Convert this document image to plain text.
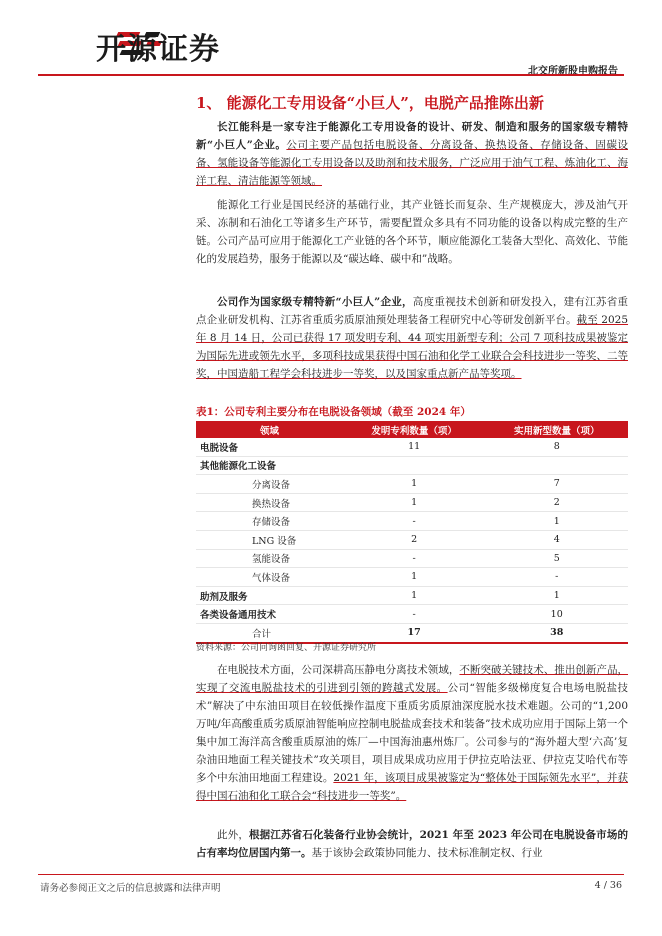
开源证券
北交所新股申购报告
1、 能源化工专用设备“小巨人”，电脱产品推陈出新

长江能科是一家专注于能源化工专用设备的设计、研发、制造和服务的国家级专精特新“小巨人”企业。公司主要产品包括电脱设备、分离设备、换热设备、存储设备、固碳设备、氢能设备等能源化工专用设备以及助剂和技术服务，广泛应用于油气工程、炼油化工、海洋工程、清洁能源等领域。

能源化工行业是国民经济的基础行业，其产业链长而复杂、生产规模庞大，涉及油气开采、冻制和石油化工等诸多生产环节，需要配置众多具有不同功能的设备以构成完整的生产链。公司产品可应用于能源化工产业链的各个环节，顺应能源化工装备大型化、高效化、节能化的发展趋势，服务于能源以及“碳达峰、碳中和”战略。

公司作为国家级专精特新“小巨人”企业，高度重视技术创新和研发投入，建有江苏省重点企业研发机构、江苏省重质劣质原油预处理装备工程研究中心等研发创新平台。截至 2025 年 8 月 14 日，公司已获得 17 项发明专利、44 项实用新型专利；公司 7 项科技成果被鉴定为国际先进或领先水平，多项科技成果获得中国石油和化学工业联合会科技进步一等奖、二等奖，中国造船工程学会科技进步一等奖，以及国家重点新产品等奖项。

表1：公司专利主要分布在电脱设备领域（截至 2024 年）
领域	发明专利数量（项）	实用新型数量（项）
电脱设备	11	8
其他能源化工设备		
分离设备	1	7
换热设备	1	2
存储设备	-	1
LNG 设备	2	4
氢能设备	-	5
气体设备	1	-
助剂及服务	1	1
各类设备通用技术	-	10
合计	17	38
资料来源：公司问询函回复、开源证券研究所

在电脱技术方面，公司深耕高压静电分离技术领域，不断突破关键技术、推出创新产品，实现了交流电脱盐技术的引进到引领的跨越式发展。公司“智能多级梯度复合电场电脱盐技术”解决了中东油田项目在较低操作温度下重质劣质原油深度脱水技术难题。公司的“1,200 万吨/年高酸重质劣质原油智能响应控制电脱盐成套技术和装备”技术成功应用于国际上第一个集中加工海洋高含酸重质原油的炼厂—中国海油惠州炼厂。公司参与的“海外超大型‘六高’复杂油田地面工程关键技术”攻关项目，项目成果成功应用于伊拉克哈法亚、伊拉克艾哈代布等多个中东油田地面工程建设。2021 年，该项目成果被鉴定为“整体处于国际领先水平”，并获得中国石油和化工联合会“科技进步一等奖”。

此外，根据江苏省石化装备行业协会统计，2021 年至 2023 年公司在电脱设备市场的占有率均位居国内第一。基于该协会政策协同能力、技术标准制定权、行业

请务必参阅正文之后的信息披露和法律声明	4 / 36
